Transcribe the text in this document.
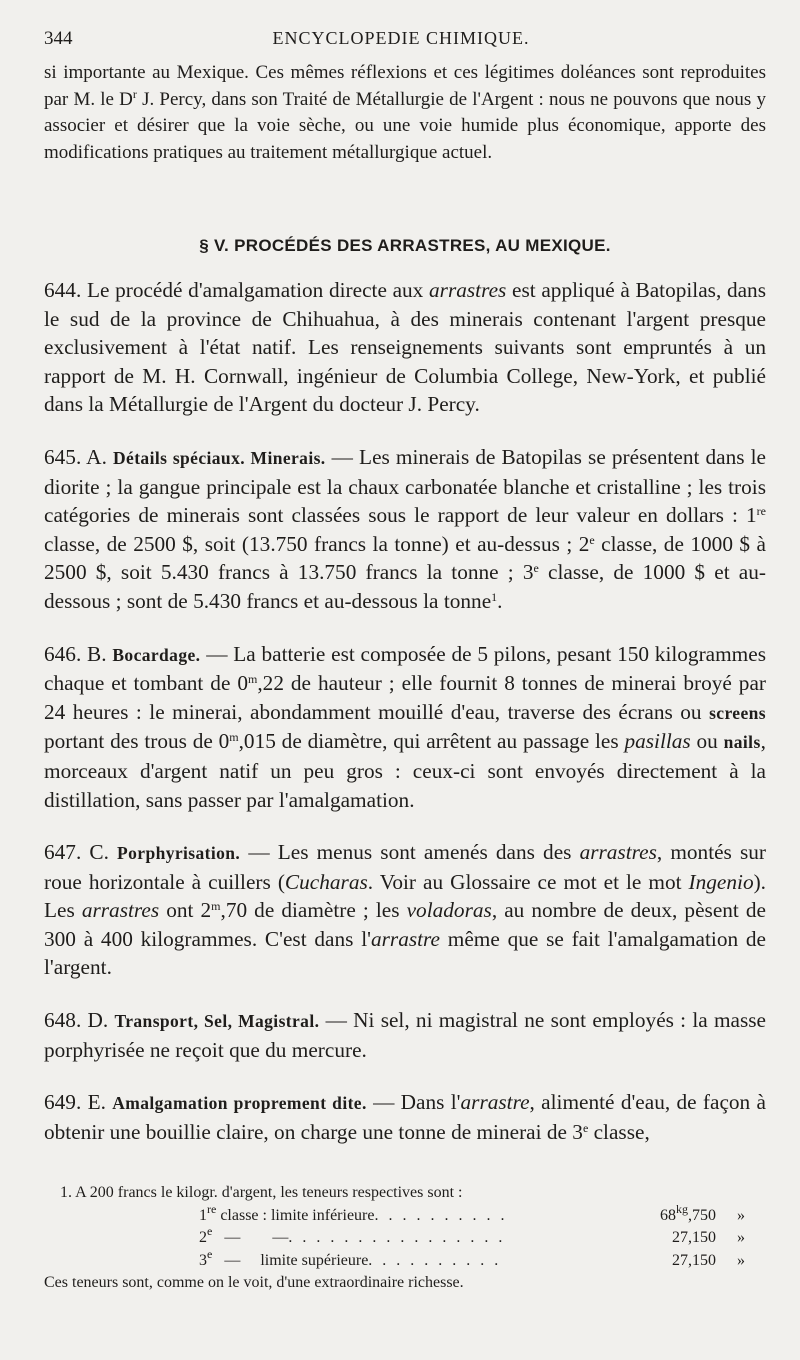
344	ENCYCLOPEDIE CHIMIQUE.

si importante au Mexique. Ces mêmes réflexions et ces légitimes doléances sont reproduites par M. le $D^r$ J. Percy, dans son Traité de Métallurgie de l'Argent : nous ne pouvons que nous y associer et désirer que la voie sèche, ou une voie humide plus économique, apporte des modifications pratiques au traitement métallurgique actuel.

§ V. PROCÉDÉS DES ARRASTRES, AU MEXIQUE.

644. Le procédé d'amalgamation directe aux arrastres est appliqué à Batopilas, dans le sud de la province de Chihuahua, à des minerais contenant l'argent presque exclusivement à l'état natif. Les renseignements suivants sont empruntés à un rapport de M. H. Cornwall, ingénieur de Columbia College, New-York, et publié dans la Métallurgie de l'Argent du docteur J. Percy.

645. A. Détails spéciaux. Minerais. — Les minerais de Batopilas se présentent dans le diorite ; la gangue principale est la chaux carbonatée blanche et cristalline ; les trois catégories de minerais sont classées sous le rapport de leur valeur en dollars : 1re classe, de 2500 $, soit (13.750 francs la tonne) et au-dessus ; 2e classe, de 1000 $ à 2500 $, soit 5.430 francs à 13.750 francs la tonne ; 3e classe, de 1000 $ et au-dessous ; sont de 5.430 francs et au-dessous la tonne$^1$.

646. B. Bocardage. — La batterie est composée de 5 pilons, pesant 150 kilogrammes chaque et tombant de 0$^m$,22 de hauteur ; elle fournit 8 tonnes de minerai broyé par 24 heures : le minerai, abondamment mouillé d'eau, traverse des écrans ou screens portant des trous de 0$^m$,015 de diamètre, qui arrêtent au passage les pasillas ou nails, morceaux d'argent natif un peu gros : ceux-ci sont envoyés directement à la distillation, sans passer par l'amalgamation.

647. C. Porphyrisation. — Les menus sont amenés dans des arrastres, montés sur roue horizontale à cuillers (Cucharas. Voir au Glossaire ce mot et le mot Ingenio). Les arrastres ont 2$^m$,70 de diamètre ; les voladoras, au nombre de deux, pèsent de 300 à 400 kilogrammes. C'est dans l'arrastre même que se fait l'amalgamation de l'argent.

648. D. Transport, Sel, Magistral. — Ni sel, ni magistral ne sont employés : la masse porphyrisée ne reçoit que du mercure.

649. E. Amalgamation proprement dite. — Dans l'arrastre, alimenté d'eau, de façon à obtenir une bouillie claire, on charge une tonne de minerai de 3e classe,

1. A 200 francs le kilogr. d'argent, les teneurs respectives sont :
1re classe : limite inférieure . . . . . . . . . .	$68^{kg},750$	»
2e   —        — . . . . . . . . . . . . . . . .	27,150	»
3e   —     limite supérieure . . . . . . . . . .	27,150	»
Ces teneurs sont, comme on le voit, d'une extraordinaire richesse.
